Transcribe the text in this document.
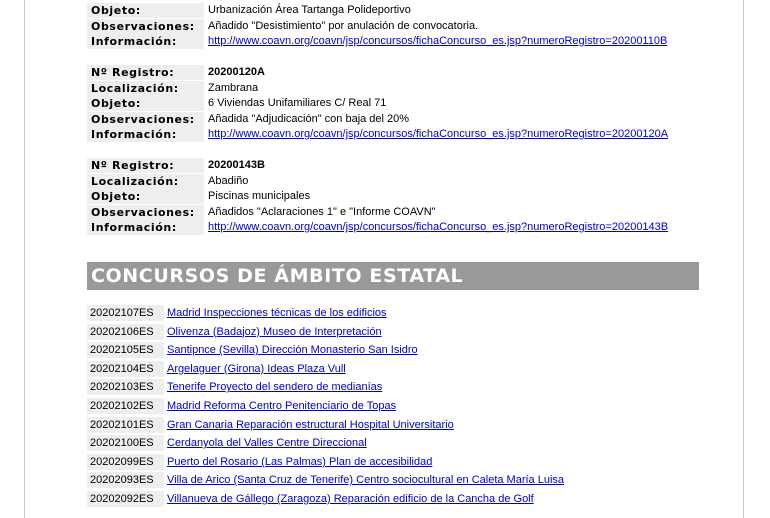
Objeto:	Urbanización Área Tartanga Polideportivo
Observaciones:	Añadido "Desistimiento" por anulación de convocatoria.
Información:	http://www.coavn.org/coavn/jsp/concursos/fichaConcurso_es.jsp?numeroRegistro=20200110B
Nº Registro:	20200120A
Localización:	Zambrana
Objeto:	6 Viviendas Unifamiliares C/ Real 71
Observaciones:	Añadida "Adjudicación" con baja del 20%
Información:	http://www.coavn.org/coavn/jsp/concursos/fichaConcurso_es.jsp?numeroRegistro=20200120A
Nº Registro:	20200143B
Localización:	Abadiño
Objeto:	Piscinas municipales
Observaciones:	Añadidos "Aclaraciones 1" e "Informe COAVN"
Información:	http://www.coavn.org/coavn/jsp/concursos/fichaConcurso_es.jsp?numeroRegistro=20200143B
CONCURSOS DE ÁMBITO ESTATAL
20202107ES	Madrid Inspecciones técnicas de los edificios
20202106ES	Olivenza (Badajoz) Museo de Interpretación
20202105ES	Santipnce (Sevilla) Dirección Monasterio San Isidro
20202104ES	Argelaguer (Girona) Ideas Plaza Vull
20202103ES	Tenerife Proyecto del sendero de medianías
20202102ES	Madrid Reforma Centro Penitenciario de Topas
20202101ES	Gran Canaria Reparación estructural Hospital Universitario
20202100ES	Cerdanyola del Valles Centre Direccional
20202099ES	Puerto del Rosario (Las Palmas) Plan de accesibilidad
20202093ES	Villa de Arico (Santa Cruz de Tenerife) Centro sociocultural en Caleta María Luisa
20202092ES	Villanueva de Gállego (Zaragoza) Reparación edificio de la Cancha de Golf
